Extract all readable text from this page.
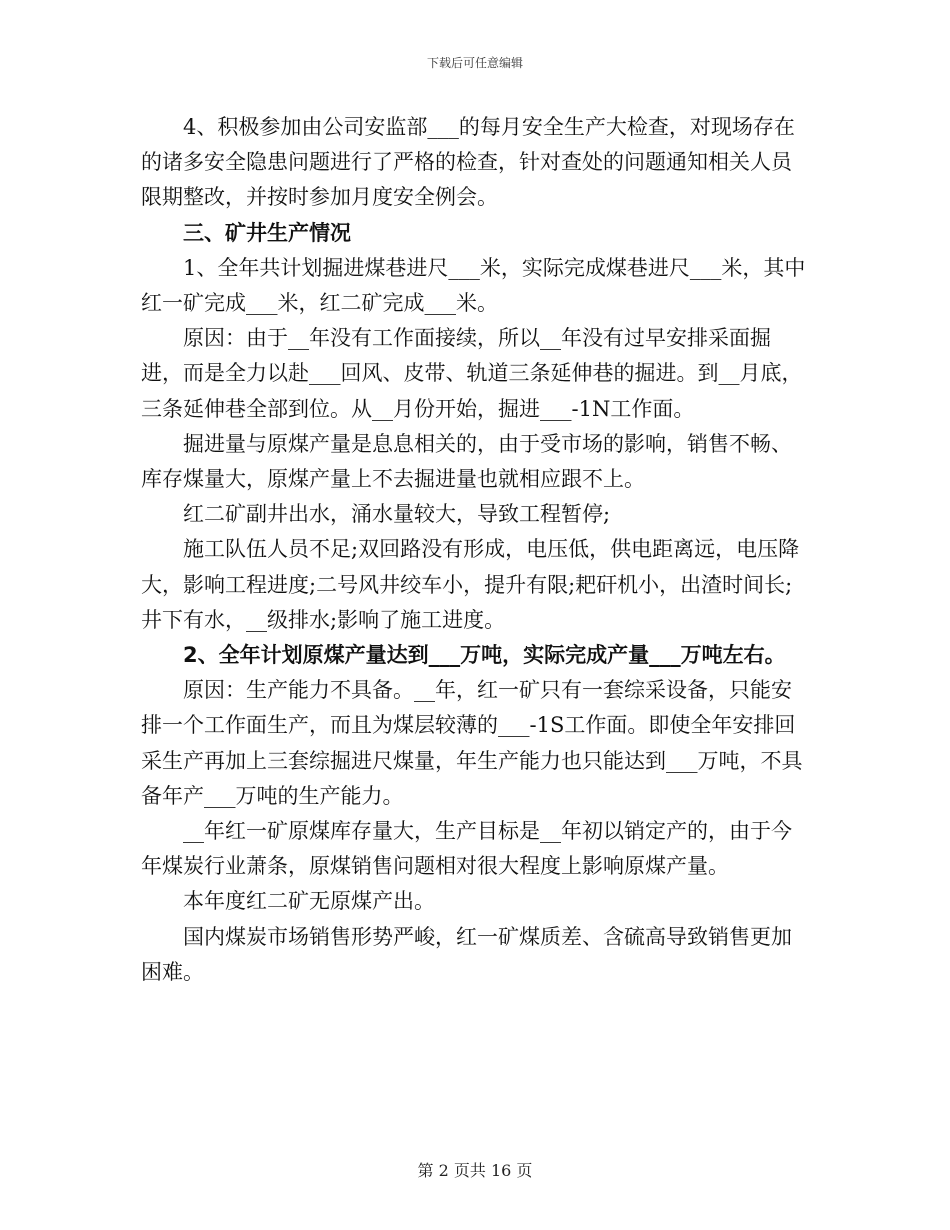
下载后可任意编辑

4、积极参加由公司安监部___的每月安全生产大检查，对现场存在的诸多安全隐患问题进行了严格的检查，针对查处的问题通知相关人员限期整改，并按时参加月度安全例会。

三、矿井生产情况

1、全年共计划掘进煤巷进尺___米，实际完成煤巷进尺___米，其中红一矿完成___米，红二矿完成___米。

原因：由于__年没有工作面接续，所以__年没有过早安排采面掘进，而是全力以赴___回风、皮带、轨道三条延伸巷的掘进。到__月底，三条延伸巷全部到位。从__月份开始，掘进___-1N工作面。

掘进量与原煤产量是息息相关的，由于受市场的影响，销售不畅、库存煤量大，原煤产量上不去掘进量也就相应跟不上。

红二矿副井出水，涌水量较大，导致工程暂停;

施工队伍人员不足;双回路没有形成，电压低，供电距离远，电压降大，影响工程进度;二号风井绞车小，提升有限;耙矸机小，出渣时间长;井下有水，__级排水;影响了施工进度。

2、全年计划原煤产量达到___万吨，实际完成产量___万吨左右。

原因：生产能力不具备。__年，红一矿只有一套综采设备，只能安排一个工作面生产，而且为煤层较薄的___-1S工作面。即使全年安排回采生产再加上三套综掘进尺煤量，年生产能力也只能达到___万吨，不具备年产___万吨的生产能力。

__年红一矿原煤库存量大，生产目标是__年初以销定产的，由于今年煤炭行业萧条，原煤销售问题相对很大程度上影响原煤产量。

本年度红二矿无原煤产出。

国内煤炭市场销售形势严峻，红一矿煤质差、含硫高导致销售更加困难。

第 2 页共 16 页
